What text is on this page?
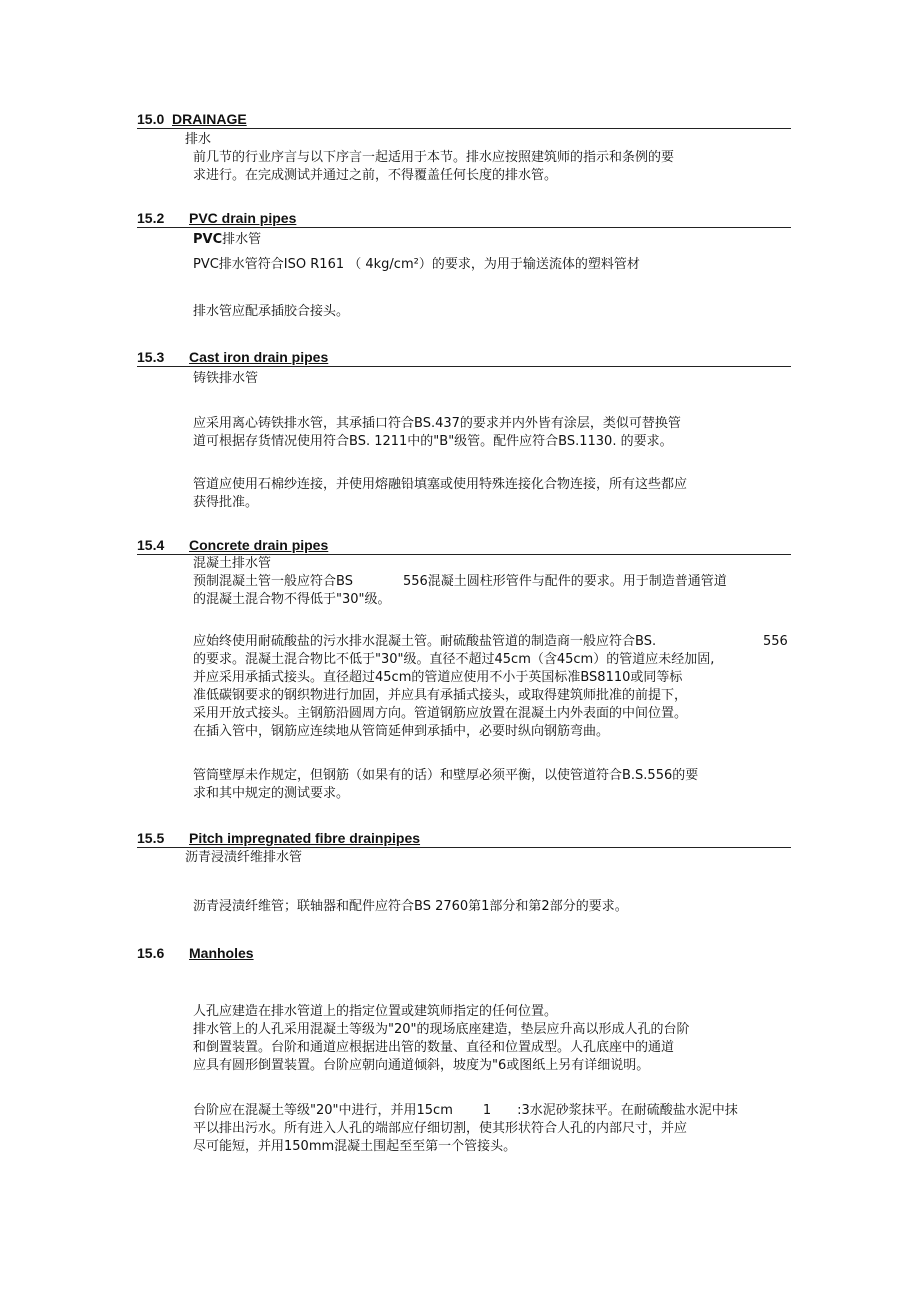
15.0 DRAINAGE
排水
前几节的行业序言与以下序言一起适用于本节。排水应按照建筑师的指示和条例的要
求进行。在完成测试并通过之前，不得覆盖任何长度的排水管。
15.2 PVC drain pipes
PVC排水管
PVC排水管符合ISO R161 （ 4kg/cm²）的要求，为用于输送流体的塑料管材
排水管应配承插胶合接头。
15.3 Cast iron drain pipes
铸铁排水管
应采用离心铸铁排水管，其承插口符合BS.437的要求并内外皆有涂层，类似可替换管
道可根据存货情况使用符合BS. 1211中的"B"级管。配件应符合BS.1130. 的要求。
管道应使用石棉纱连接，并使用熔融铅填塞或使用特殊连接化合物连接，所有这些都应
获得批准。
15.4 Concrete drain pipes
混凝土排水管
预制混凝土管一般应符合BS	556混凝土圆柱形管件与配件的要求。用于制造普通管道
的混凝土混合物不得低于"30"级。
应始终使用耐硫酸盐的污水排水混凝土管。耐硫酸盐管道的制造商一般应符合BS.	556
的要求。混凝土混合物比不低于"30"级。直径不超过45cm（含45cm）的管道应未经加固,
并应采用承插式接头。直径超过45cm的管道应使用不小于英国标准BS8110或同等标
准低碳钢要求的钢织物进行加固，并应具有承插式接头，或取得建筑师批准的前提下，
采用开放式接头。主钢筋沿圆周方向。管道钢筋应放置在混凝土内外表面的中间位置。
在插入管中，钢筋应连续地从管筒延伸到承插中，必要时纵向钢筋弯曲。
管筒壁厚未作规定，但钢筋（如果有的话）和壁厚必须平衡，以使管道符合B.S.556的要
求和其中规定的测试要求。
15.5 Pitch impregnated fibre drainpipes
沥青浸渍纤维排水管
沥青浸渍纤维管；联轴器和配件应符合BS 2760第1部分和第2部分的要求。
15.6 Manholes
人孔应建造在排水管道上的指定位置或建筑师指定的任何位置。
排水管上的人孔采用混凝土等级为"20"的现场底座建造，垫层应升高以形成人孔的台阶
和倒置装置。台阶和通道应根据进出管的数量、直径和位置成型。人孔底座中的通道
应具有圆形倒置装置。台阶应朝向通道倾斜，坡度为"6或图纸上另有详细说明。
台阶应在混凝土等级"20"中进行，并用15cm 1 :3水泥砂浆抹平。在耐硫酸盐水泥中抹
平以排出污水。所有进入人孔的端部应仔细切割，使其形状符合人孔的内部尺寸，并应
尽可能短，并用150mm混凝土围起至至第一个管接头。
